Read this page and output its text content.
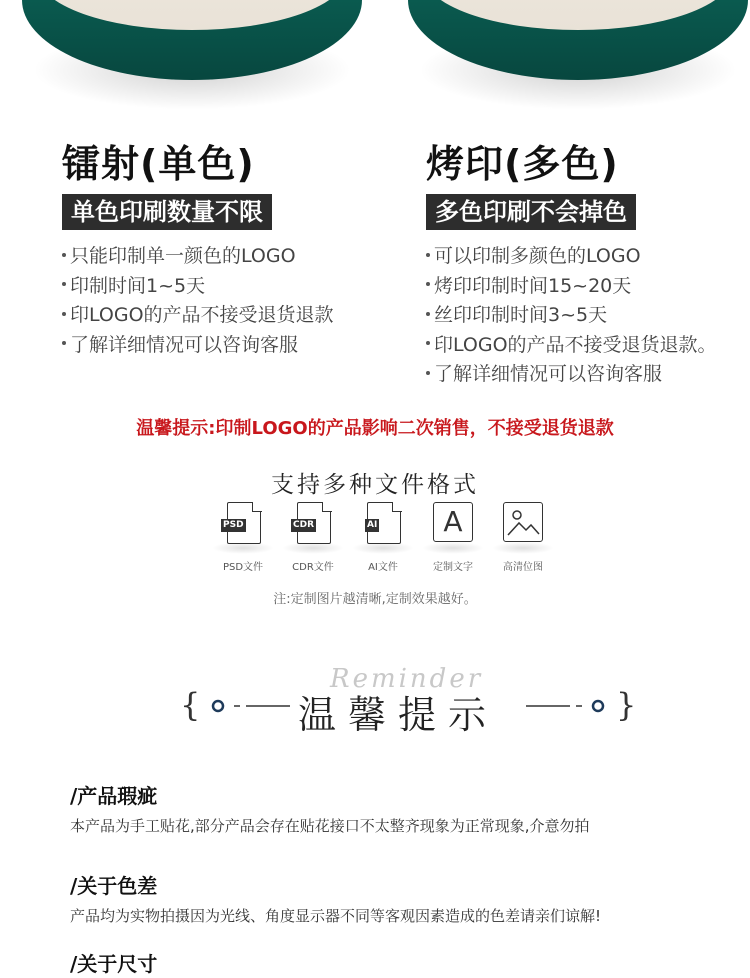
镭射(单色)
单色印刷数量不限
只能印制单一颜色的LOGO
印制时间1~5天
印LOGO的产品不接受退货退款
了解详细情况可以咨询客服
烤印(多色)
多色印刷不会掉色
可以印制多颜色的LOGO
烤印印制时间15~20天
丝印印制时间3~5天
印LOGO的产品不接受退货退款。
了解详细情况可以咨询客服
温馨提示:印制LOGO的产品影响二次销售，不接受退货退款
支持多种文件格式
PSD
PSD文件
CDR
CDR文件
AI
AI文件
A
定制文字	高清位图
注:定制图片越清晰,定制效果越好。
Reminder
{	温馨提示	}
/产品瑕疵
本产品为手工贴花,部分产品会存在贴花接口不太整齐现象为正常现象,介意勿拍
/关于色差
产品均为实物拍摄因为光线、角度显示器不同等客观因素造成的色差请亲们谅解!
/关于尺寸
